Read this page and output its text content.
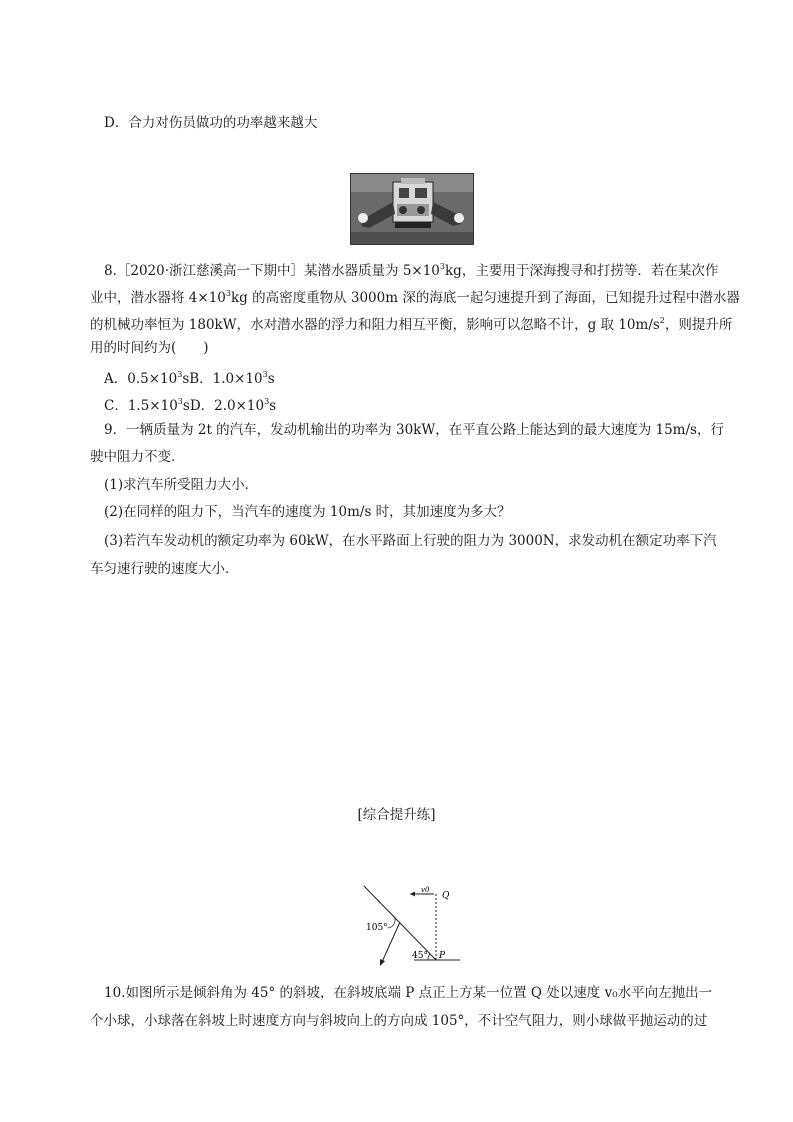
D．合力对伤员做功的功率越来越大
8.［2020·浙江慈溪高一下期中］某潜水器质量为 $5\times 10^3kg$，主要用于深海搜寻和打捞等．若在某次作
业中，潜水器将 $4\times 10^3kg$ 的高密度重物从 3000m 深的海底一起匀速提升到了海面，已知提升过程中潜水器
的机械功率恒为 180kW，水对潜水器的浮力和阻力相互平衡，影响可以忽略不计，g 取 $10m/s^2$，则提升所
用的时间约为(　　)
A．$0.5\times 10^3sB$．$1.0\times 10^3s$
C．$1.5\times 10^3sD$．$2.0\times 10^3s$
9．一辆质量为 2t 的汽车，发动机输出的功率为 30kW，在平直公路上能达到的最大速度为 15m/s，行
驶中阻力不变．
(1)求汽车所受阻力大小．
(2)在同样的阻力下，当汽车的速度为 10m/s 时，其加速度为多大？
(3)若汽车发动机的额定功率为 60kW，在水平路面上行驶的阻力为 3000N，求发动机在额定功率下汽
车匀速行驶的速度大小．
[综合提升练]
v0
Q
P
105°
45°
10.如图所示是倾斜角为 45° 的斜坡，在斜坡底端 P 点正上方某一位置 Q 处以速度 v₀水平向左抛出一
个小球，小球落在斜坡上时速度方向与斜坡向上的方向成 105°，不计空气阻力，则小球做平抛运动的过
